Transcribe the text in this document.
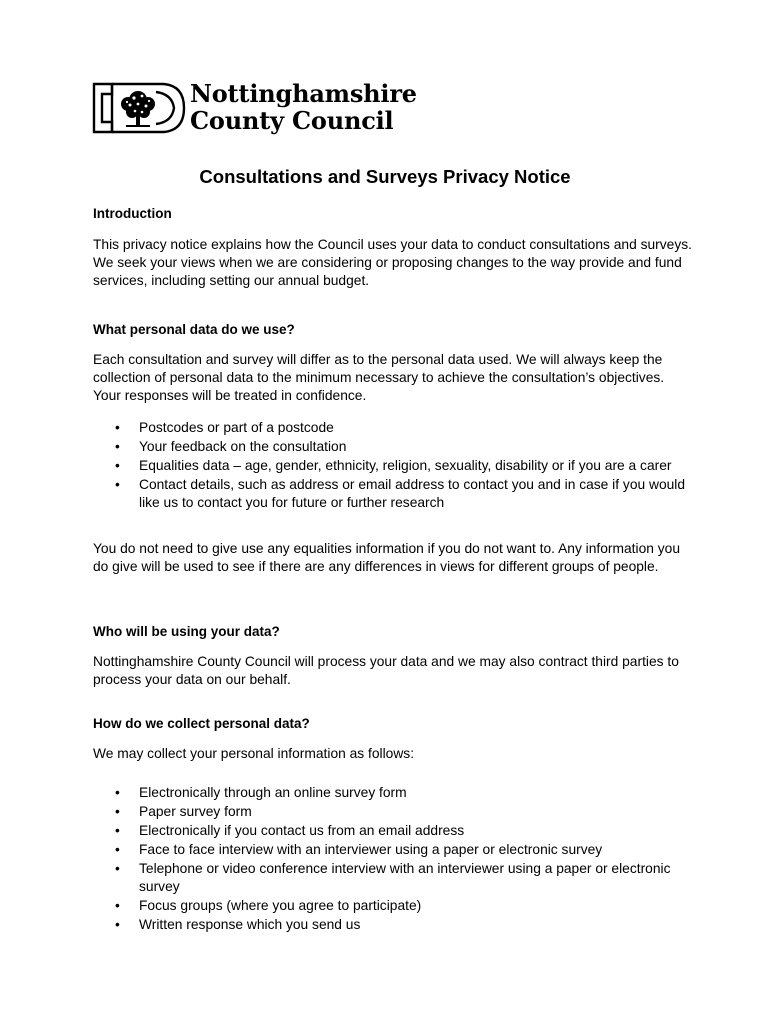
Nottinghamshire
County Council
Consultations and Surveys Privacy Notice
Introduction

This privacy notice explains how the Council uses your data to conduct consultations and surveys. We seek your views when we are considering or proposing changes to the way provide and fund services, including setting our annual budget.

What personal data do we use?

Each consultation and survey will differ as to the personal data used. We will always keep the collection of personal data to the minimum necessary to achieve the consultation’s objectives. Your responses will be treated in confidence.

• Postcodes or part of a postcode
• Your feedback on the consultation
• Equalities data – age, gender, ethnicity, religion, sexuality, disability or if you are a carer
• Contact details, such as address or email address to contact you and in case if you would like us to contact you for future or further research

You do not need to give use any equalities information if you do not want to. Any information you do give will be used to see if there are any differences in views for different groups of people.

Who will be using your data?

Nottinghamshire County Council will process your data and we may also contract third parties to process your data on our behalf.

How do we collect personal data?

We may collect your personal information as follows:

• Electronically through an online survey form
• Paper survey form
• Electronically if you contact us from an email address
• Face to face interview with an interviewer using a paper or electronic survey
• Telephone or video conference interview with an interviewer using a paper or electronic survey
• Focus groups (where you agree to participate)
• Written response which you send us
